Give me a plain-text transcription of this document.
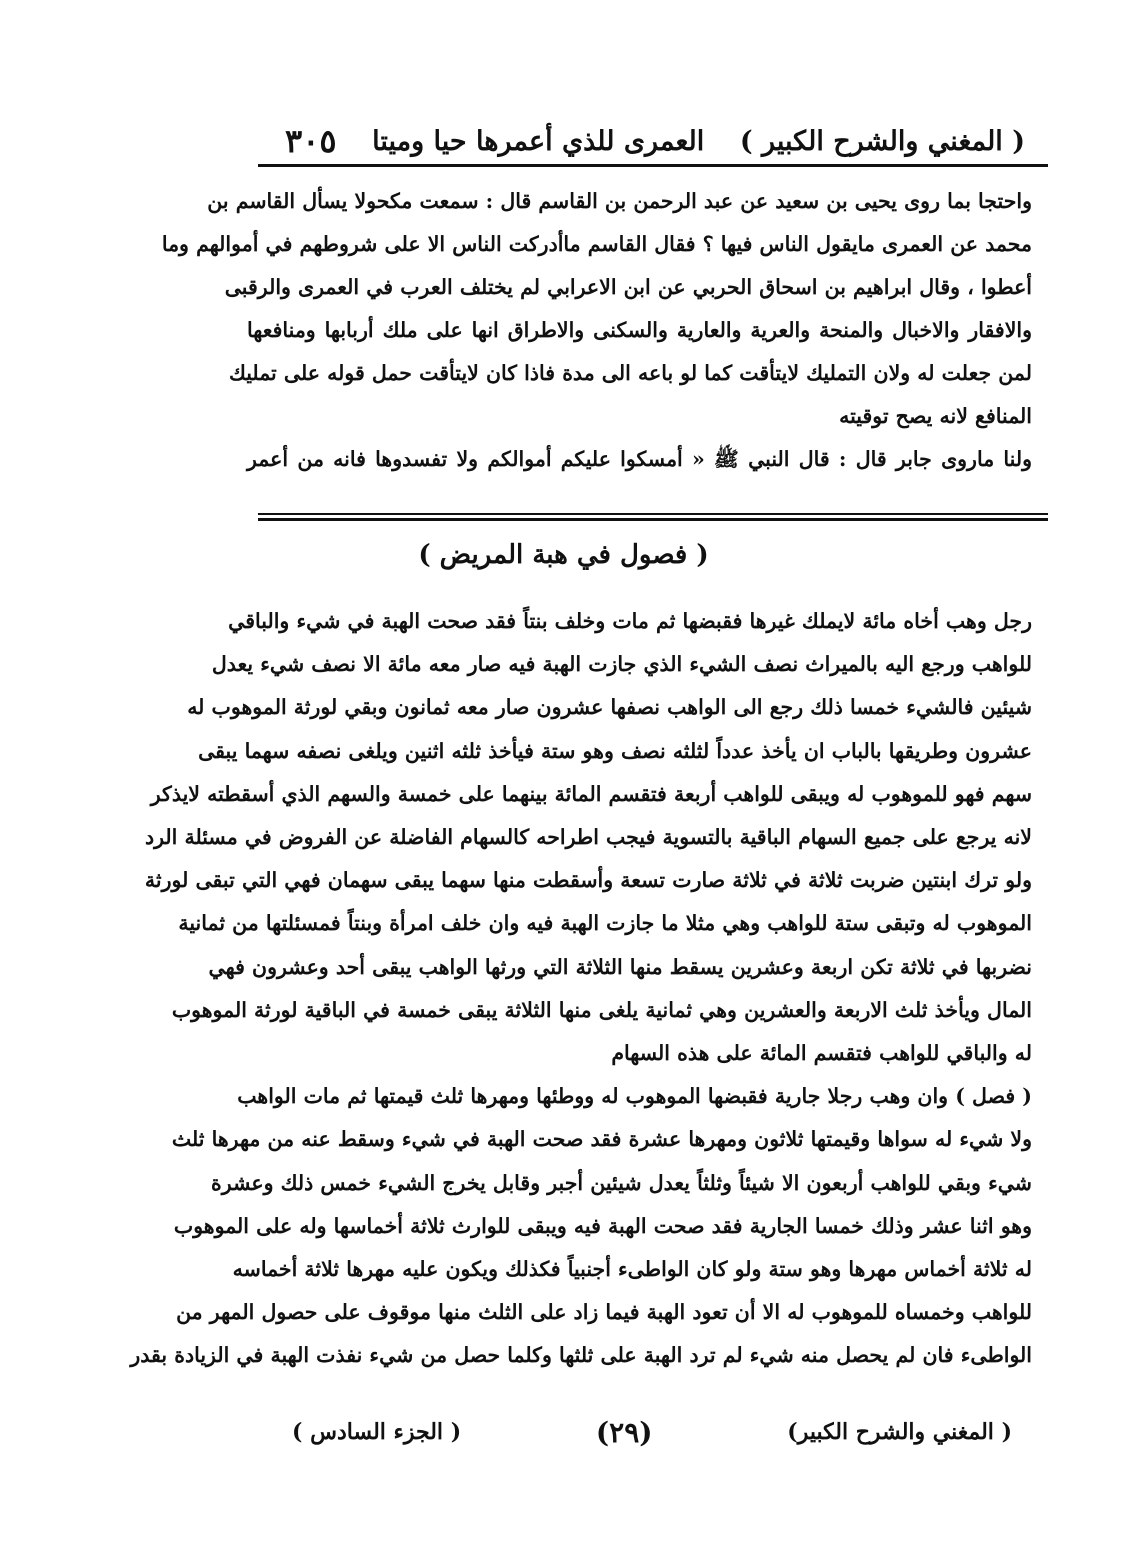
( المغني والشرح الكبير )
العمرى للذي أعمرها حيا وميتا
٣٠٥
واحتجا بما روى يحيى بن سعيد عن عبد الرحمن بن القاسم قال : سمعت مكحولا يسأل القاسم بن
محمد عن العمرى مايقول الناس فيها ؟ فقال القاسم ماأدركت الناس الا على شروطهم في أموالهم وما
أعطوا ، وقال ابراهيم بن اسحاق الحربي عن ابن الاعرابي لم يختلف العرب في العمرى والرقبى
والافقار والاخبال والمنحة والعرية والعارية والسكنى والاطراق انها على ملك أربابها ومنافعها
لمن جعلت له ولان التمليك لايتأقت كما لو باعه الى مدة فاذا كان لايتأقت حمل قوله على تمليك
المنافع لانه يصح توقيته
ولنا ماروى جابر قال : قال النبي ﷺ « أمسكوا عليكم أموالكم ولا تفسدوها فانه من أعمر
( فصول في هبة المريض )
رجل وهب أخاه مائة لايملك غيرها فقبضها ثم مات وخلف بنتاً فقد صحت الهبة في شيء والباقي
للواهب ورجع اليه بالميراث نصف الشيء الذي جازت الهبة فيه صار معه مائة الا نصف شيء يعدل
شيئين فالشيء خمسا ذلك رجع الى الواهب نصفها عشرون صار معه ثمانون وبقي لورثة الموهوب له
عشرون وطريقها بالباب ان يأخذ عدداً لثلثه نصف وهو ستة فيأخذ ثلثه اثنين ويلغى نصفه سهما يبقى
سهم فهو للموهوب له ويبقى للواهب أربعة فتقسم المائة بينهما على خمسة والسهم الذي أسقطته لايذكر
لانه يرجع على جميع السهام الباقية بالتسوية فيجب اطراحه كالسهام الفاضلة عن الفروض في مسئلة الرد
ولو ترك ابنتين ضربت ثلاثة في ثلاثة صارت تسعة وأسقطت منها سهما يبقى سهمان فهي التي تبقى لورثة
الموهوب له وتبقى ستة للواهب وهي مثلا ما جازت الهبة فيه وان خلف امرأة وبنتاً فمسئلتها من ثمانية
نضربها في ثلاثة تكن اربعة وعشرين يسقط منها الثلاثة التي ورثها الواهب يبقى أحد وعشرون فهي
المال ويأخذ ثلث الاربعة والعشرين وهي ثمانية يلغى منها الثلاثة يبقى خمسة في الباقية لورثة الموهوب
له والباقي للواهب فتقسم المائة على هذه السهام
( فصل ) وان وهب رجلا جارية فقبضها الموهوب له ووطئها ومهرها ثلث قيمتها ثم مات الواهب
ولا شيء له سواها وقيمتها ثلاثون ومهرها عشرة فقد صحت الهبة في شيء وسقط عنه من مهرها ثلث
شيء وبقي للواهب أربعون الا شيئاً وثلثاً يعدل شيئين أجبر وقابل يخرج الشيء خمس ذلك وعشرة
وهو اثنا عشر وذلك خمسا الجارية فقد صحت الهبة فيه ويبقى للوارث ثلاثة أخماسها وله على الموهوب
له ثلاثة أخماس مهرها وهو ستة ولو كان الواطىء أجنبياً فكذلك ويكون عليه مهرها ثلاثة أخماسه
للواهب وخمساه للموهوب له الا أن تعود الهبة فيما زاد على الثلث منها موقوف على حصول المهر من
الواطىء فان لم يحصل منه شيء لم ترد الهبة على ثلثها وكلما حصل من شيء نفذت الهبة في الزيادة بقدر
( المغني والشرح الكبير)
(٢٩)
( الجزء السادس )
